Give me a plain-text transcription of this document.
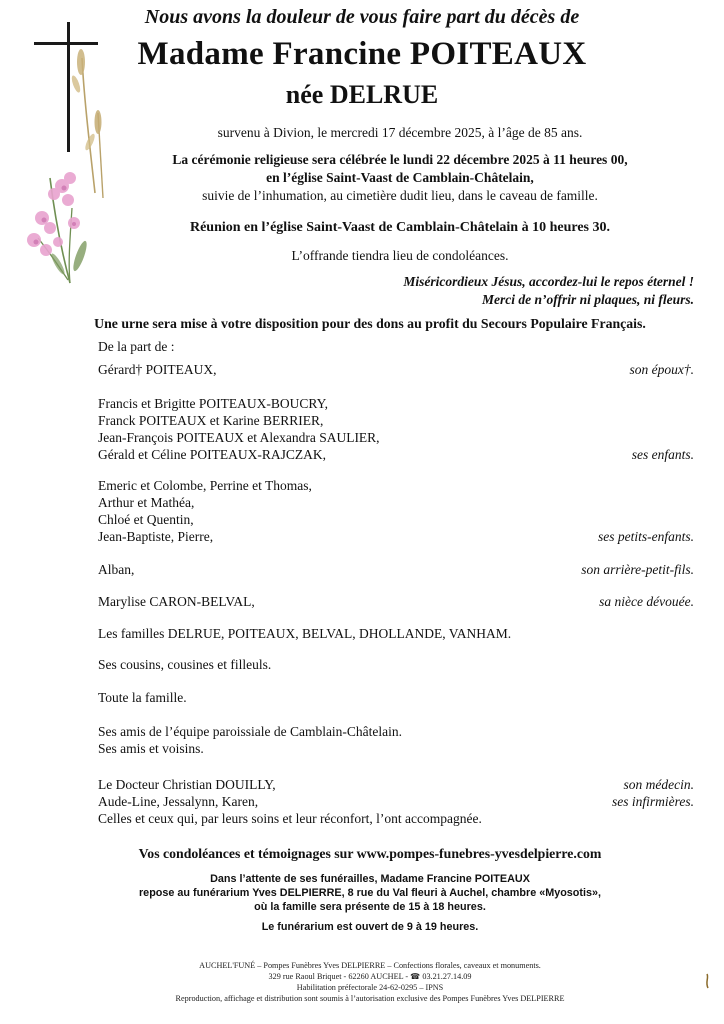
Nous avons la douleur de vous faire part du décès de
Madame Francine POITEAUX
née DELRUE
survenu à Divion, le mercredi 17 décembre 2025, à l’âge de 85 ans.
La cérémonie religieuse sera célébrée le lundi 22 décembre 2025 à 11 heures 00,
en l’église Saint-Vaast de Camblain-Châtelain,
suivie de l’inhumation, au cimetière dudit lieu, dans le caveau de famille.
Réunion en l’église Saint-Vaast de Camblain-Châtelain à 10 heures 30.
L’offrande tiendra lieu de condoléances.
Miséricordieux Jésus, accordez-lui le repos éternel !
Merci de n’offrir ni plaques, ni fleurs.
Une urne sera mise à votre disposition pour des dons au profit du Secours Populaire Français.
De la part de :
Gérard† POITEAUX,	son époux†.
Francis et Brigitte POITEAUX-BOUCRY,
Franck POITEAUX et Karine BERRIER,
Jean-François POITEAUX et Alexandra SAULIER,
Gérald et Céline POITEAUX-RAJCZAK,	ses enfants.
Emeric et Colombe, Perrine et Thomas,
Arthur et Mathéa,
Chloé et Quentin,
Jean-Baptiste, Pierre,	ses petits-enfants.
Alban,	son arrière-petit-fils.
Marylise CARON-BELVAL,	sa nièce dévouée.
Les familles DELRUE, POITEAUX, BELVAL, DHOLLANDE, VANHAM.
Ses cousins, cousines et filleuls.
Toute la famille.
Ses amis de l’équipe paroissiale de Camblain-Châtelain.
Ses amis et voisins.
Le Docteur Christian DOUILLY,	son médecin.
Aude-Line, Jessalynn, Karen,	ses infirmières.
Celles et ceux qui, par leurs soins et leur réconfort, l’ont accompagnée.
Vos condoléances et témoignages sur www.pompes-funebres-yvesdelpierre.com
Dans l’attente de ses funérailles, Madame Francine POITEAUX
repose au funérarium Yves DELPIERRE, 8 rue du Val fleuri à Auchel, chambre «Myosotis»,
où la famille sera présente de 15 à 18 heures.
Le funérarium est ouvert de 9 à 19 heures.
AUCHEL'FUNÉ – Pompes Funèbres Yves DELPIERRE – Confections florales, caveaux et monuments.
329 rue Raoul Briquet - 62260 AUCHEL - ☎ 03.21.27.14.09
Habilitation préfectorale 24-62-0295 – IPNS
Reproduction, affichage et distribution sont soumis à l’autorisation exclusive des Pompes Funèbres Yves DELPIERRE
